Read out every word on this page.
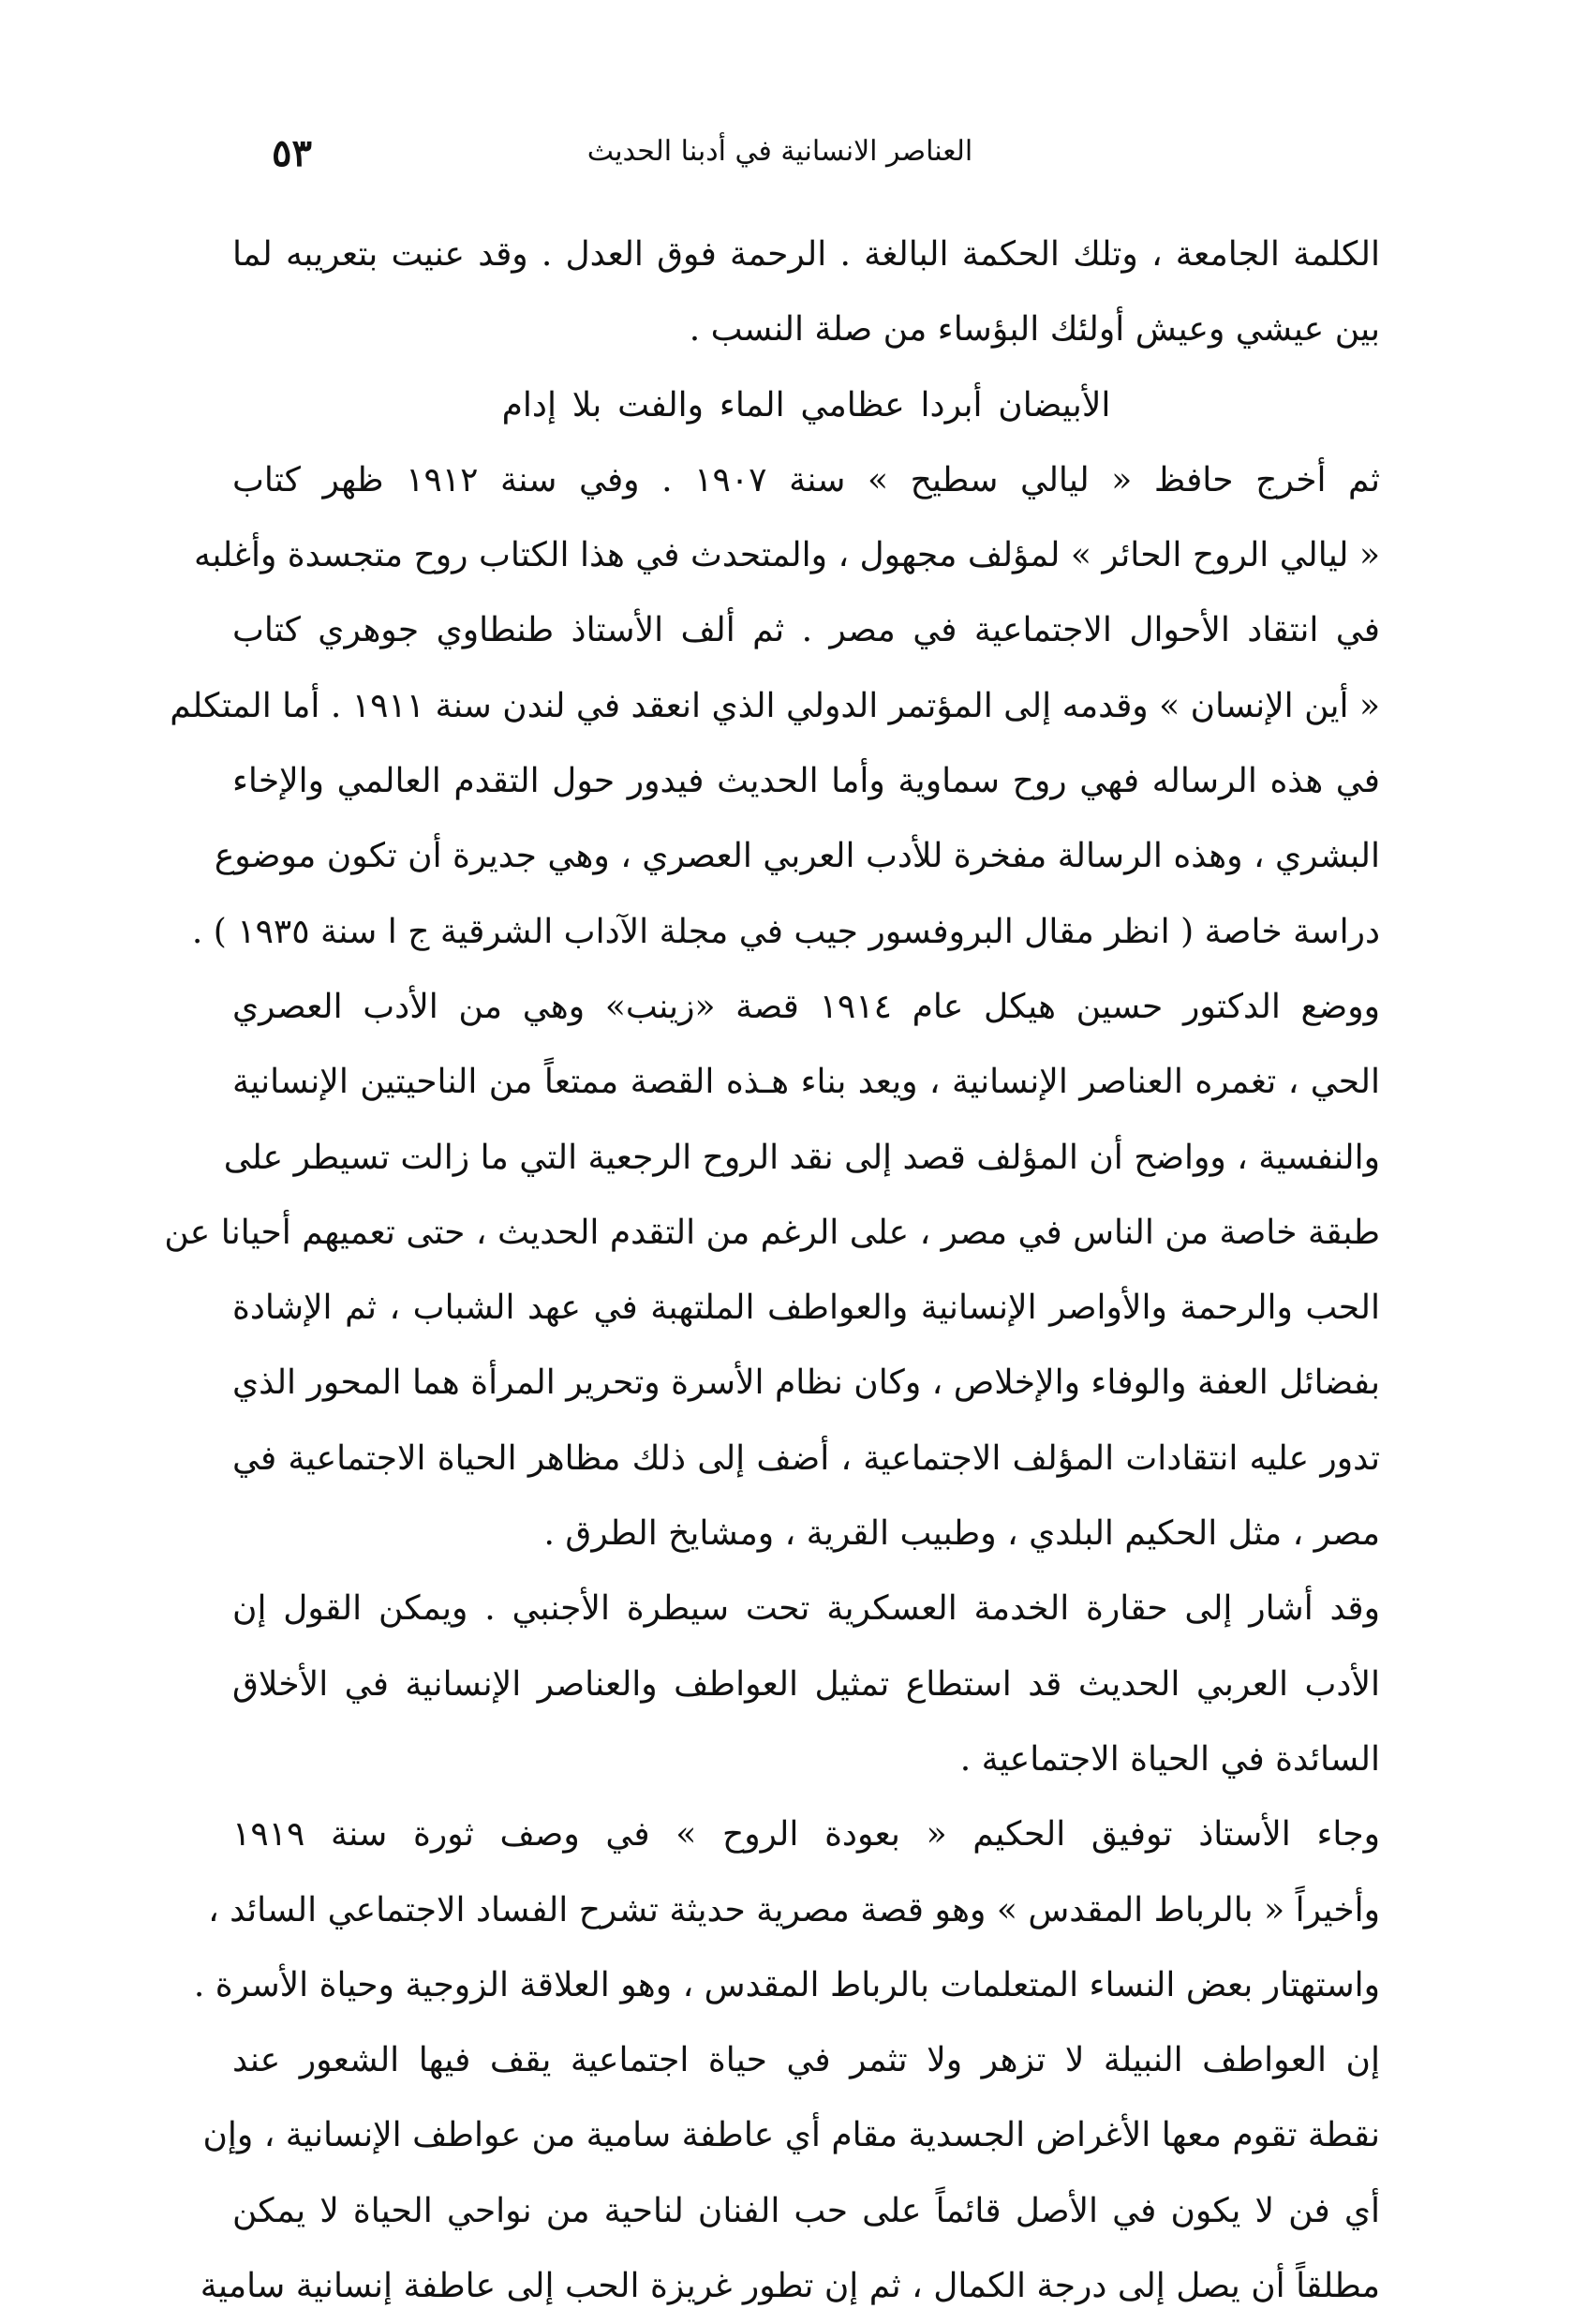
٥٣	العناصر الانسانية في أدبنا الحديث
الكلمة الجامعة ، وتلك الحكمة البالغة . الرحمة فوق العدل . وقد عنيت بتعريبه لما
بين عيشي وعيش أولئك البؤساء من صلة النسب .
الأبيضان أبردا عظامي الماء والفت بلا إدام
ثم أخرج حافظ « ليالي سطيح » سنة ١٩٠٧ . وفي سنة ١٩١٢ ظهر كتاب
« ليالي الروح الحائر » لمؤلف مجهول ، والمتحدث في هذا الكتاب روح متجسدة وأغلبه
في انتقاد الأحوال الاجتماعية في مصر . ثم ألف الأستاذ طنطاوي جوهري كتاب
« أين الإنسان » وقدمه إلى المؤتمر الدولي الذي انعقد في لندن سنة ١٩١١ . أما المتكلم
في هذه الرساله فهي روح سماوية وأما الحديث فيدور حول التقدم العالمي والإخاء
البشري ، وهذه الرسالة مفخرة للأدب العربي العصري ، وهي جديرة أن تكون موضوع
دراسة خاصة ( انظر مقال البروفسور جيب في مجلة الآداب الشرقية ج ا سنة ١٩٣٥ ) .
ووضع الدكتور حسين هيكل عام ١٩١٤ قصة «زينب» وهي من الأدب العصري
الحي ، تغمره العناصر الإنسانية ، ويعد بناء هـذه القصة ممتعاً من الناحيتين الإنسانية
والنفسية ، وواضح أن المؤلف قصد إلى نقد الروح الرجعية التي ما زالت تسيطر على
طبقة خاصة من الناس في مصر ، على الرغم من التقدم الحديث ، حتى تعميهم أحيانا عن
الحب والرحمة والأواصر الإنسانية والعواطف الملتهبة في عهد الشباب ، ثم الإشادة
بفضائل العفة والوفاء والإخلاص ، وكان نظام الأسرة وتحرير المرأة هما المحور الذي
تدور عليه انتقادات المؤلف الاجتماعية ، أضف إلى ذلك مظاهر الحياة الاجتماعية في
مصر ، مثل الحكيم البلدي ، وطبيب القرية ، ومشايخ الطرق .
وقد أشار إلى حقارة الخدمة العسكرية تحت سيطرة الأجنبي . ويمكن القول إن
الأدب العربي الحديث قد استطاع تمثيل العواطف والعناصر الإنسانية في الأخلاق
السائدة في الحياة الاجتماعية .
وجاء الأستاذ توفيق الحكيم « بعودة الروح » في وصف ثورة سنة ١٩١٩
وأخيراً « بالرباط المقدس » وهو قصة مصرية حديثة تشرح الفساد الاجتماعي السائد ،
واستهتار بعض النساء المتعلمات بالرباط المقدس ، وهو العلاقة الزوجية وحياة الأسرة .
إن العواطف النبيلة لا تزهر ولا تثمر في حياة اجتماعية يقف فيها الشعور عند
نقطة تقوم معها الأغراض الجسدية مقام أي عاطفة سامية من عواطف الإنسانية ، وإن
أي فن لا يكون في الأصل قائماً على حب الفنان لناحية من نواحي الحياة لا يمكن
مطلقاً أن يصل إلى درجة الكمال ، ثم إن تطور غريزة الحب إلى عاطفة إنسانية سامية
